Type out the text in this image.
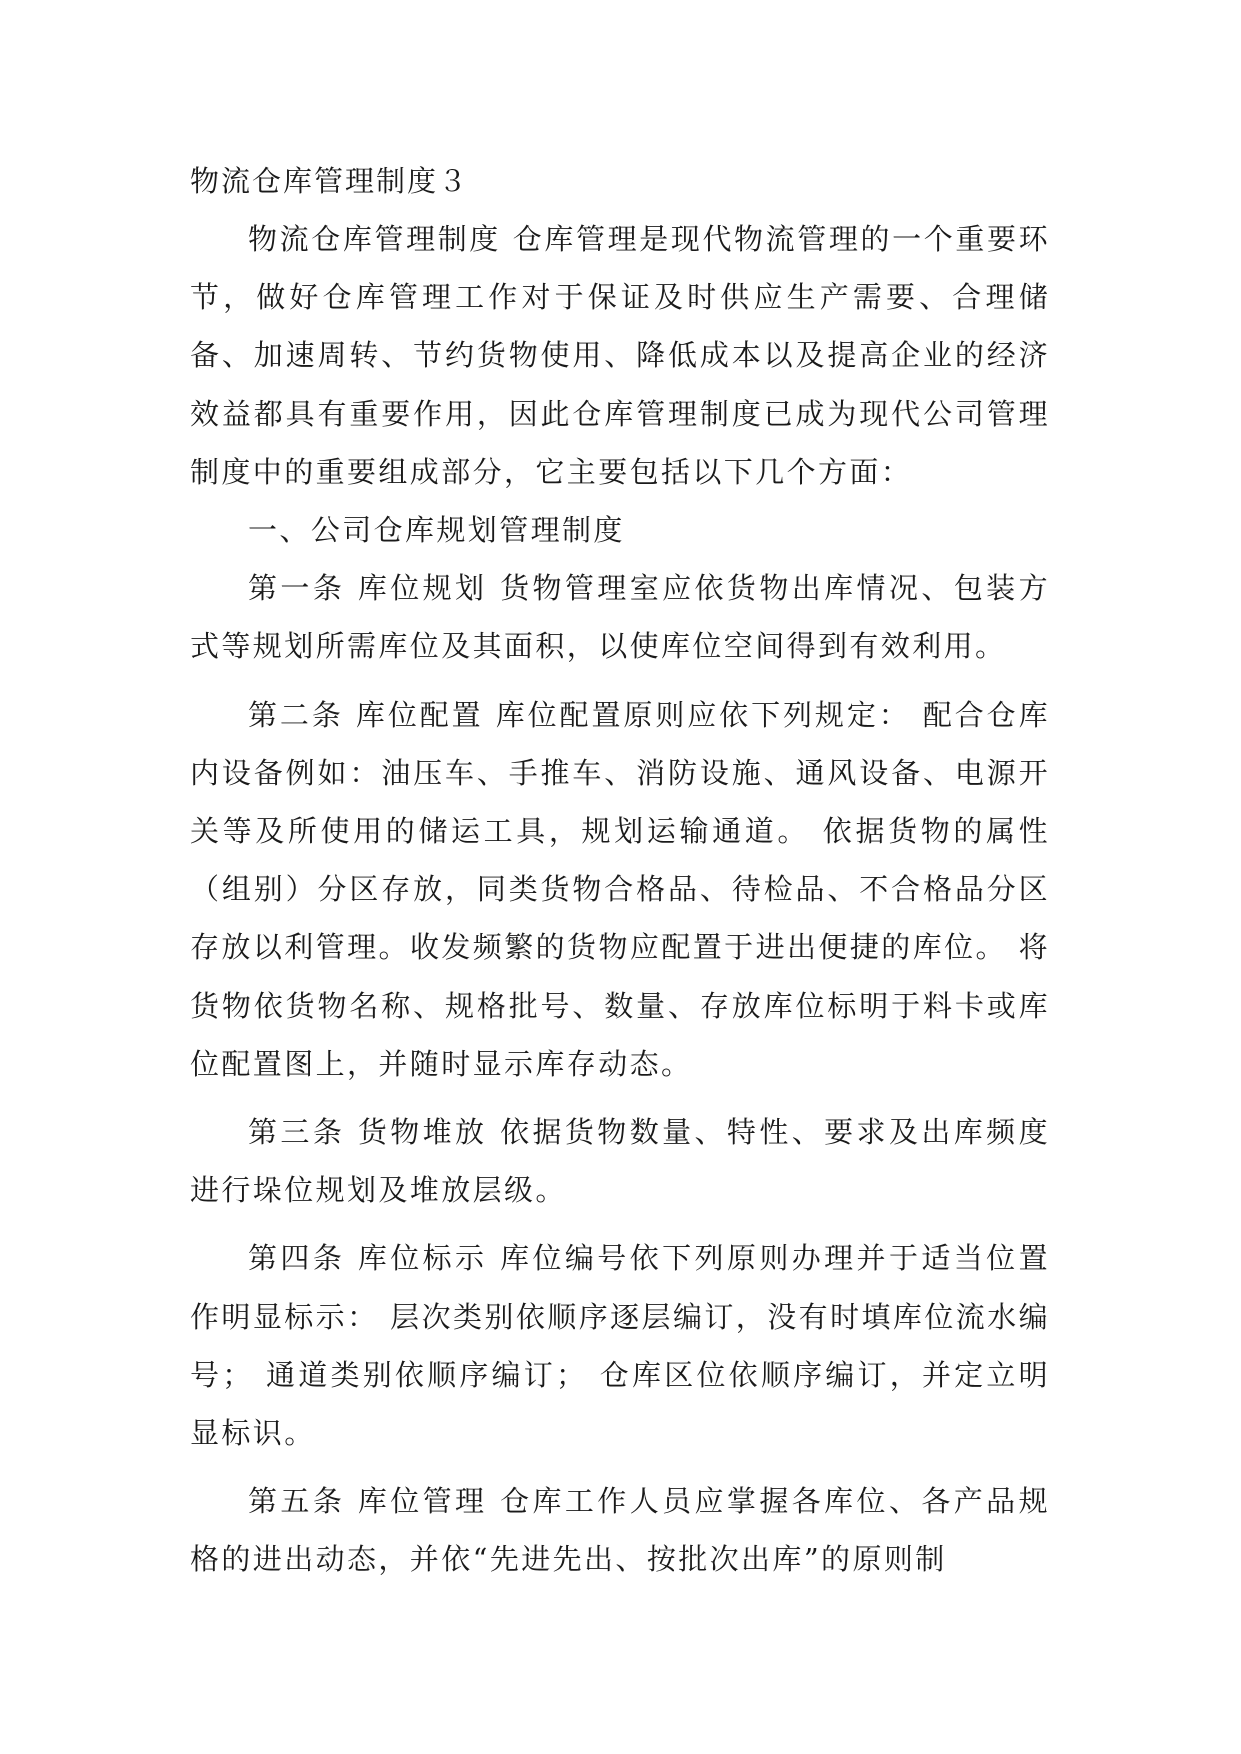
物流仓库管理制度３

物流仓库管理制度 仓库管理是现代物流管理的一个重要环节，做好仓库管理工作对于保证及时供应生产需要、合理储备、加速周转、节约货物使用、降低成本以及提高企业的经济效益都具有重要作用，因此仓库管理制度已成为现代公司管理制度中的重要组成部分，它主要包括以下几个方面：

一、公司仓库规划管理制度

第一条 库位规划 货物管理室应依货物出库情况、包装方式等规划所需库位及其面积，以使库位空间得到有效利用。

第二条 库位配置 库位配置原则应依下列规定： 配合仓库内设备例如：油压车、手推车、消防设施、通风设备、电源开关等及所使用的储运工具，规划运输通道。 依据货物的属性（组别）分区存放，同类货物合格品、待检品、不合格品分区存放以利管理。收发频繁的货物应配置于进出便捷的库位。 将货物依货物名称、规格批号、数量、存放库位标明于料卡或库位配置图上，并随时显示库存动态。

第三条 货物堆放 依据货物数量、特性、要求及出库频度进行垛位规划及堆放层级。

第四条 库位标示 库位编号依下列原则办理并于适当位置作明显标示： 层次类别依顺序逐层编订，没有时填库位流水编号； 通道类别依顺序编订； 仓库区位依顺序编订，并定立明显标识。

第五条 库位管理 仓库工作人员应掌握各库位、各产品规格的进出动态，并依“先进先出、按批次出库”的原则制
